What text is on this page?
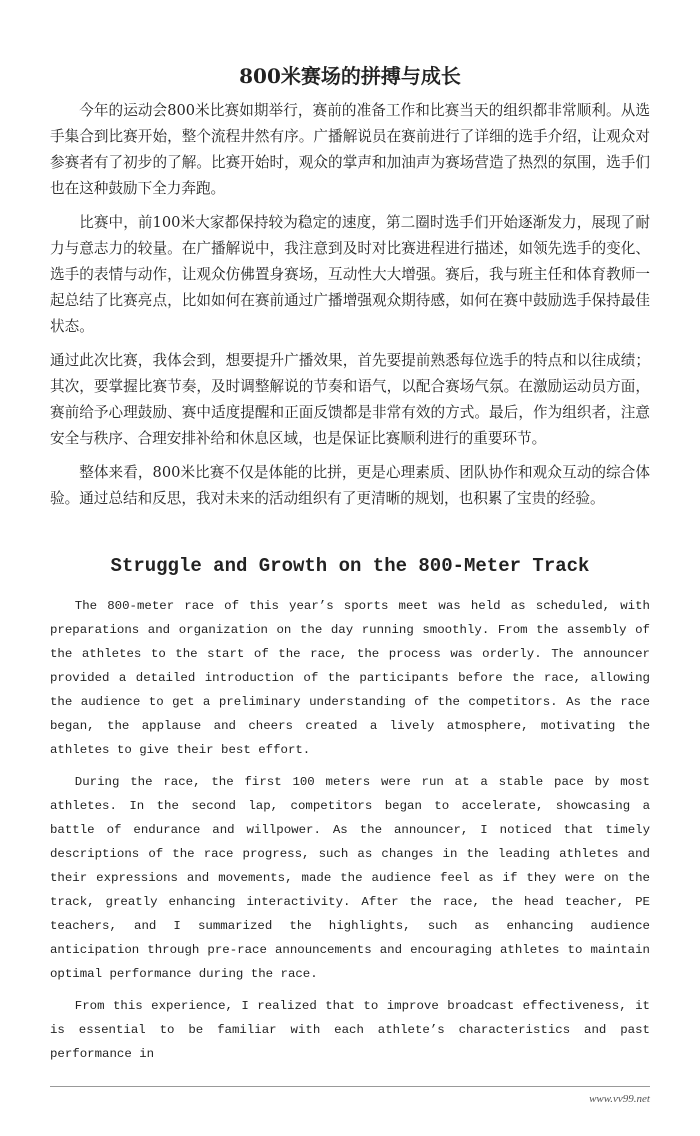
800米赛场的拼搏与成长

今年的运动会800米比赛如期举行，赛前的准备工作和比赛当天的组织都非常顺利。从选手集合到比赛开始，整个流程井然有序。广播解说员在赛前进行了详细的选手介绍，让观众对参赛者有了初步的了解。比赛开始时，观众的掌声和加油声为赛场营造了热烈的氛围，选手们也在这种鼓励下全力奔跑。

比赛中，前100米大家都保持较为稳定的速度，第二圈时选手们开始逐渐发力，展现了耐力与意志力的较量。在广播解说中，我注意到及时对比赛进程进行描述，如领先选手的变化、选手的表情与动作，让观众仿佛置身赛场，互动性大大增强。赛后，我与班主任和体育教师一起总结了比赛亮点，比如如何在赛前通过广播增强观众期待感，如何在赛中鼓励选手保持最佳状态。

通过此次比赛，我体会到，想要提升广播效果，首先要提前熟悉每位选手的特点和以往成绩；其次，要掌握比赛节奏，及时调整解说的节奏和语气，以配合赛场气氛。在激励运动员方面，赛前给予心理鼓励、赛中适度提醒和正面反馈都是非常有效的方式。最后，作为组织者，注意安全与秩序、合理安排补给和休息区域，也是保证比赛顺利进行的重要环节。

整体来看，800米比赛不仅是体能的比拼，更是心理素质、团队协作和观众互动的综合体验。通过总结和反思，我对未来的活动组织有了更清晰的规划，也积累了宝贵的经验。

Struggle and Growth on the 800-Meter Track

The 800-meter race of this year’s sports meet was held as scheduled, with preparations and organization on the day running smoothly. From the assembly of the athletes to the start of the race, the process was orderly. The announcer provided a detailed introduction of the participants before the race, allowing the audience to get a preliminary understanding of the competitors. As the race began, the applause and cheers created a lively atmosphere, motivating the athletes to give their best effort.

During the race, the first 100 meters were run at a stable pace by most athletes. In the second lap, competitors began to accelerate, showcasing a battle of endurance and willpower. As the announcer, I noticed that timely descriptions of the race progress, such as changes in the leading athletes and their expressions and movements, made the audience feel as if they were on the track, greatly enhancing interactivity. After the race, the head teacher, PE teachers, and I summarized the highlights, such as enhancing audience anticipation through pre-race announcements and encouraging athletes to maintain optimal performance during the race.

From this experience, I realized that to improve broadcast effectiveness, it is essential to be familiar with each athlete’s characteristics and past performance in

www.vv99.net
